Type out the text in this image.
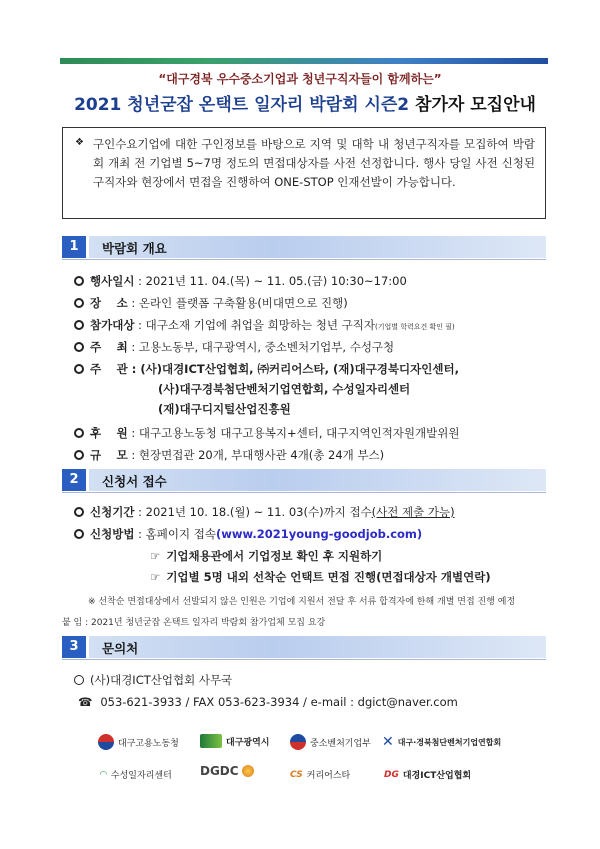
“대구경북 우수중소기업과 청년구직자들이 함께하는”
2021 청년굳잡 온택트 일자리 박람회 시즌2 참가자 모집안내
❖ 구인수요기업에 대한 구인정보를 바탕으로 지역 및 대학 내 청년구직자를 모집하여 박람회 개최 전 기업별 5~7명 정도의 면접대상자를 사전 선정합니다. 행사 당일 사전 신청된 구직자와 현장에서 면접을 진행하여 ONE-STOP 인재선발이 가능합니다.
1	박람회 개요
행사일시 : 2021년 11. 04.(목) ~ 11. 05.(금) 10:30~17:00
장　 소 : 온라인 플랫폼 구축활용(비대면으로 진행)
참가대상 : 대구소재 기업에 취업을 희망하는 청년 구직자(기업별 학력요건 확인 필)
주　 최 : 고용노동부, 대구광역시, 중소벤처기업부, 수성구청
주　 관 : (사)대경ICT산업협회, ㈜커리어스타, (재)대구경북디자인센터,
(사)대구경북첨단벤처기업연합회, 수성일자리센터
(재)대구디지털산업진흥원
후　 원 : 대구고용노동청 대구고용복지+센터, 대구지역인적자원개발위원
규　 모 : 현장면접관 20개, 부대행사관 4개(총 24개 부스)
2	신청서 접수
신청기간 : 2021년 10. 18.(월) ~ 11. 03(수)까지 접수(사전 제출 가능)
신청방법 : 홈페이지 접속(www.2021young-goodjob.com)
☞ 기업채용관에서 기업정보 확인 후 지원하기
☞ 기업별 5명 내외 선착순 언택트 면접 진행(면접대상자 개별연락)
※ 선착순 면접대상에서 선발되지 않은 인원은 기업에 지원서 전달 후 서류 합격자에 한해 개별 면접 진행 예정
붙 임 : 2021년 청년굳잡 온택트 일자리 박람회 참가업체 모집 요강
3	문의처
(사)대경ICT산업협회 사무국
☎ 053-621-3933 / FAX 053-623-3934 / e-mail : dgict@naver.com
대구고용노동청	대구광역시	중소벤처기업부 ✕ 대구·경북첨단벤처기업연합회
◠ 수성일자리센터 DGDC	CS 커리어스타	DG 대경ICT산업협회
